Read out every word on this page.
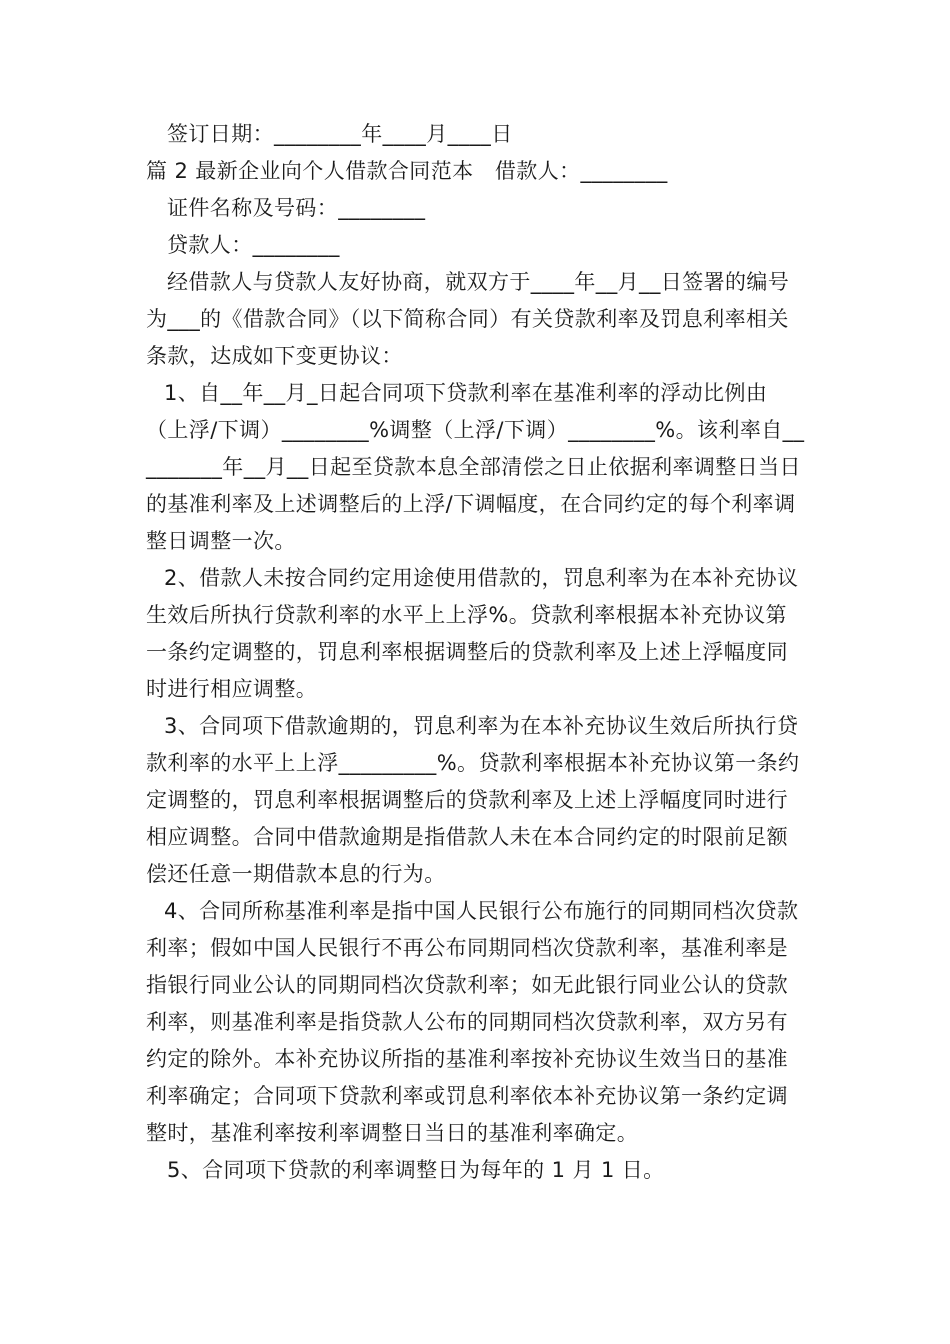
签订日期：________年____月____日

篇 2 最新企业向个人借款合同范本　借款人：________

证件名称及号码：________

贷款人：________

经借款人与贷款人友好协商，就双方于____年__月__日签署的编号为___的《借款合同》（以下简称合同）有关贷款利率及罚息利率相关条款，达成如下变更协议：

1、自__年__月_日起合同项下贷款利率在基准利率的浮动比例由（上浮/下调）________%调整（上浮/下调）________%。该利率自_________年__月__日起至贷款本息全部清偿之日止依据利率调整日当日的基准利率及上述调整后的上浮/下调幅度，在合同约定的每个利率调整日调整一次。

2、借款人未按合同约定用途使用借款的，罚息利率为在本补充协议生效后所执行贷款利率的水平上上浮%。贷款利率根据本补充协议第一条约定调整的，罚息利率根据调整后的贷款利率及上述上浮幅度同时进行相应调整。

3、合同项下借款逾期的，罚息利率为在本补充协议生效后所执行贷款利率的水平上上浮_________%。贷款利率根据本补充协议第一条约定调整的，罚息利率根据调整后的贷款利率及上述上浮幅度同时进行相应调整。合同中借款逾期是指借款人未在本合同约定的时限前足额偿还任意一期借款本息的行为。

4、合同所称基准利率是指中国人民银行公布施行的同期同档次贷款利率；假如中国人民银行不再公布同期同档次贷款利率，基准利率是指银行同业公认的同期同档次贷款利率；如无此银行同业公认的贷款利率，则基准利率是指贷款人公布的同期同档次贷款利率，双方另有约定的除外。本补充协议所指的基准利率按补充协议生效当日的基准利率确定；合同项下贷款利率或罚息利率依本补充协议第一条约定调整时，基准利率按利率调整日当日的基准利率确定。

5、合同项下贷款的利率调整日为每年的 1 月 1 日。
